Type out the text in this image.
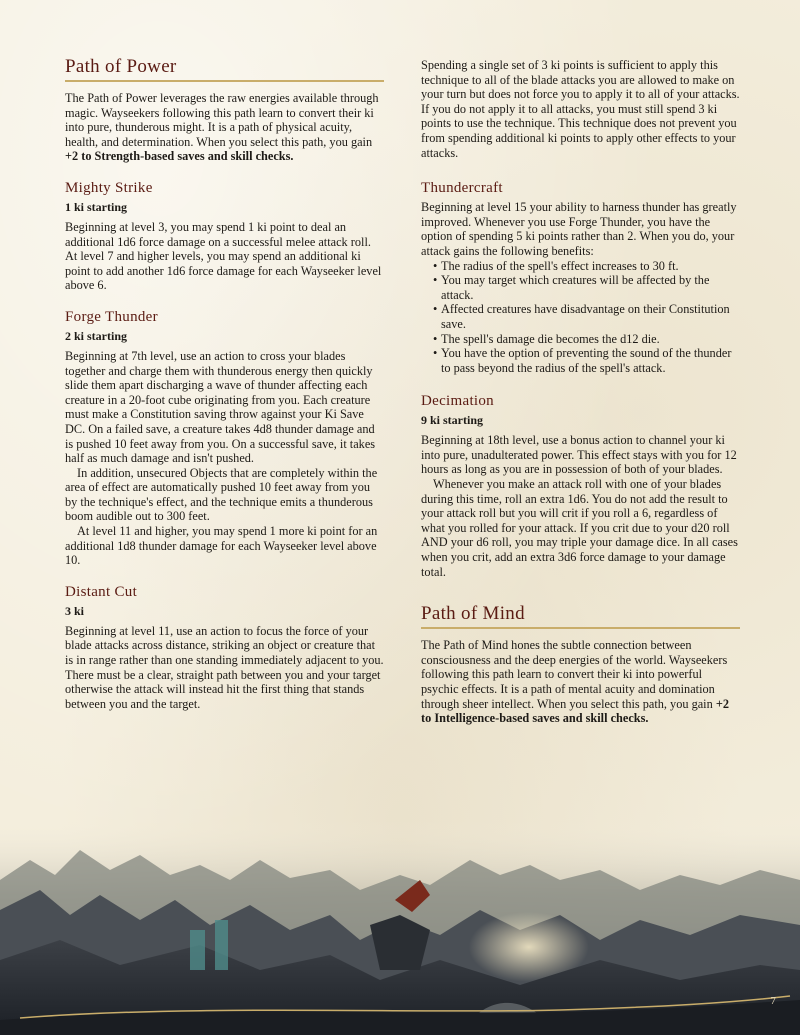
Path of Power

The Path of Power leverages the raw energies available through magic. Wayseekers following this path learn to convert their ki into pure, thunderous might. It is a path of physical acuity, health, and determination. When you select this path, you gain +2 to Strength-based saves and skill checks.

Mighty Strike
1 ki starting

Beginning at level 3, you may spend 1 ki point to deal an additional 1d6 force damage on a successful melee attack roll. At level 7 and higher levels, you may spend an additional ki point to add another 1d6 force damage for each Wayseeker level above 6.

Forge Thunder
2 ki starting

Beginning at 7th level, use an action to cross your blades together and charge them with thunderous energy then quickly slide them apart discharging a wave of thunder affecting each creature in a 20-foot cube originating from you. Each creature must make a Constitution saving throw against your Ki Save DC. On a failed save, a creature takes 4d8 thunder damage and is pushed 10 feet away from you. On a successful save, it takes half as much damage and isn't pushed.

In addition, unsecured Objects that are completely within the area of effect are automatically pushed 10 feet away from you by the technique's effect, and the technique emits a thunderous boom audible out to 300 feet.

At level 11 and higher, you may spend 1 more ki point for an additional 1d8 thunder damage for each Wayseeker level above 10.

Distant Cut
3 ki

Beginning at level 11, use an action to focus the force of your blade attacks across distance, striking an object or creature that is in range rather than one standing immediately adjacent to you. There must be a clear, straight path between you and your target otherwise the attack will instead hit the first thing that stands between you and the target.

Spending a single set of 3 ki points is sufficient to apply this technique to all of the blade attacks you are allowed to make on your turn but does not force you to apply it to all of your attacks. If you do not apply it to all attacks, you must still spend 3 ki points to use the technique. This technique does not prevent you from spending additional ki points to apply other effects to your attacks.

Thundercraft

Beginning at level 15 your ability to harness thunder has greatly improved. Whenever you use Forge Thunder, you have the option of spending 5 ki points rather than 2. When you do, your attack gains the following benefits:

• The radius of the spell's effect increases to 30 ft.
• You may target which creatures will be affected by the attack.
• Affected creatures have disadvantage on their Constitution save.
• The spell's damage die becomes the d12 die.
• You have the option of preventing the sound of the thunder to pass beyond the radius of the spell's attack.
Decimation
9 ki starting

Beginning at 18th level, use a bonus action to channel your ki into pure, unadulterated power. This effect stays with you for 12 hours as long as you are in possession of both of your blades.

Whenever you make an attack roll with one of your blades during this time, roll an extra 1d6. You do not add the result to your attack roll but you will crit if you roll a 6, regardless of what you rolled for your attack. If you crit due to your d20 roll AND your d6 roll, you may triple your damage dice. In all cases when you crit, add an extra 3d6 force damage to your damage total.

Path of Mind

The Path of Mind hones the subtle connection between consciousness and the deep energies of the world. Wayseekers following this path learn to convert their ki into powerful psychic effects. It is a path of mental acuity and domination through sheer intellect. When you select this path, you gain +2 to Intelligence-based saves and skill checks.

7
